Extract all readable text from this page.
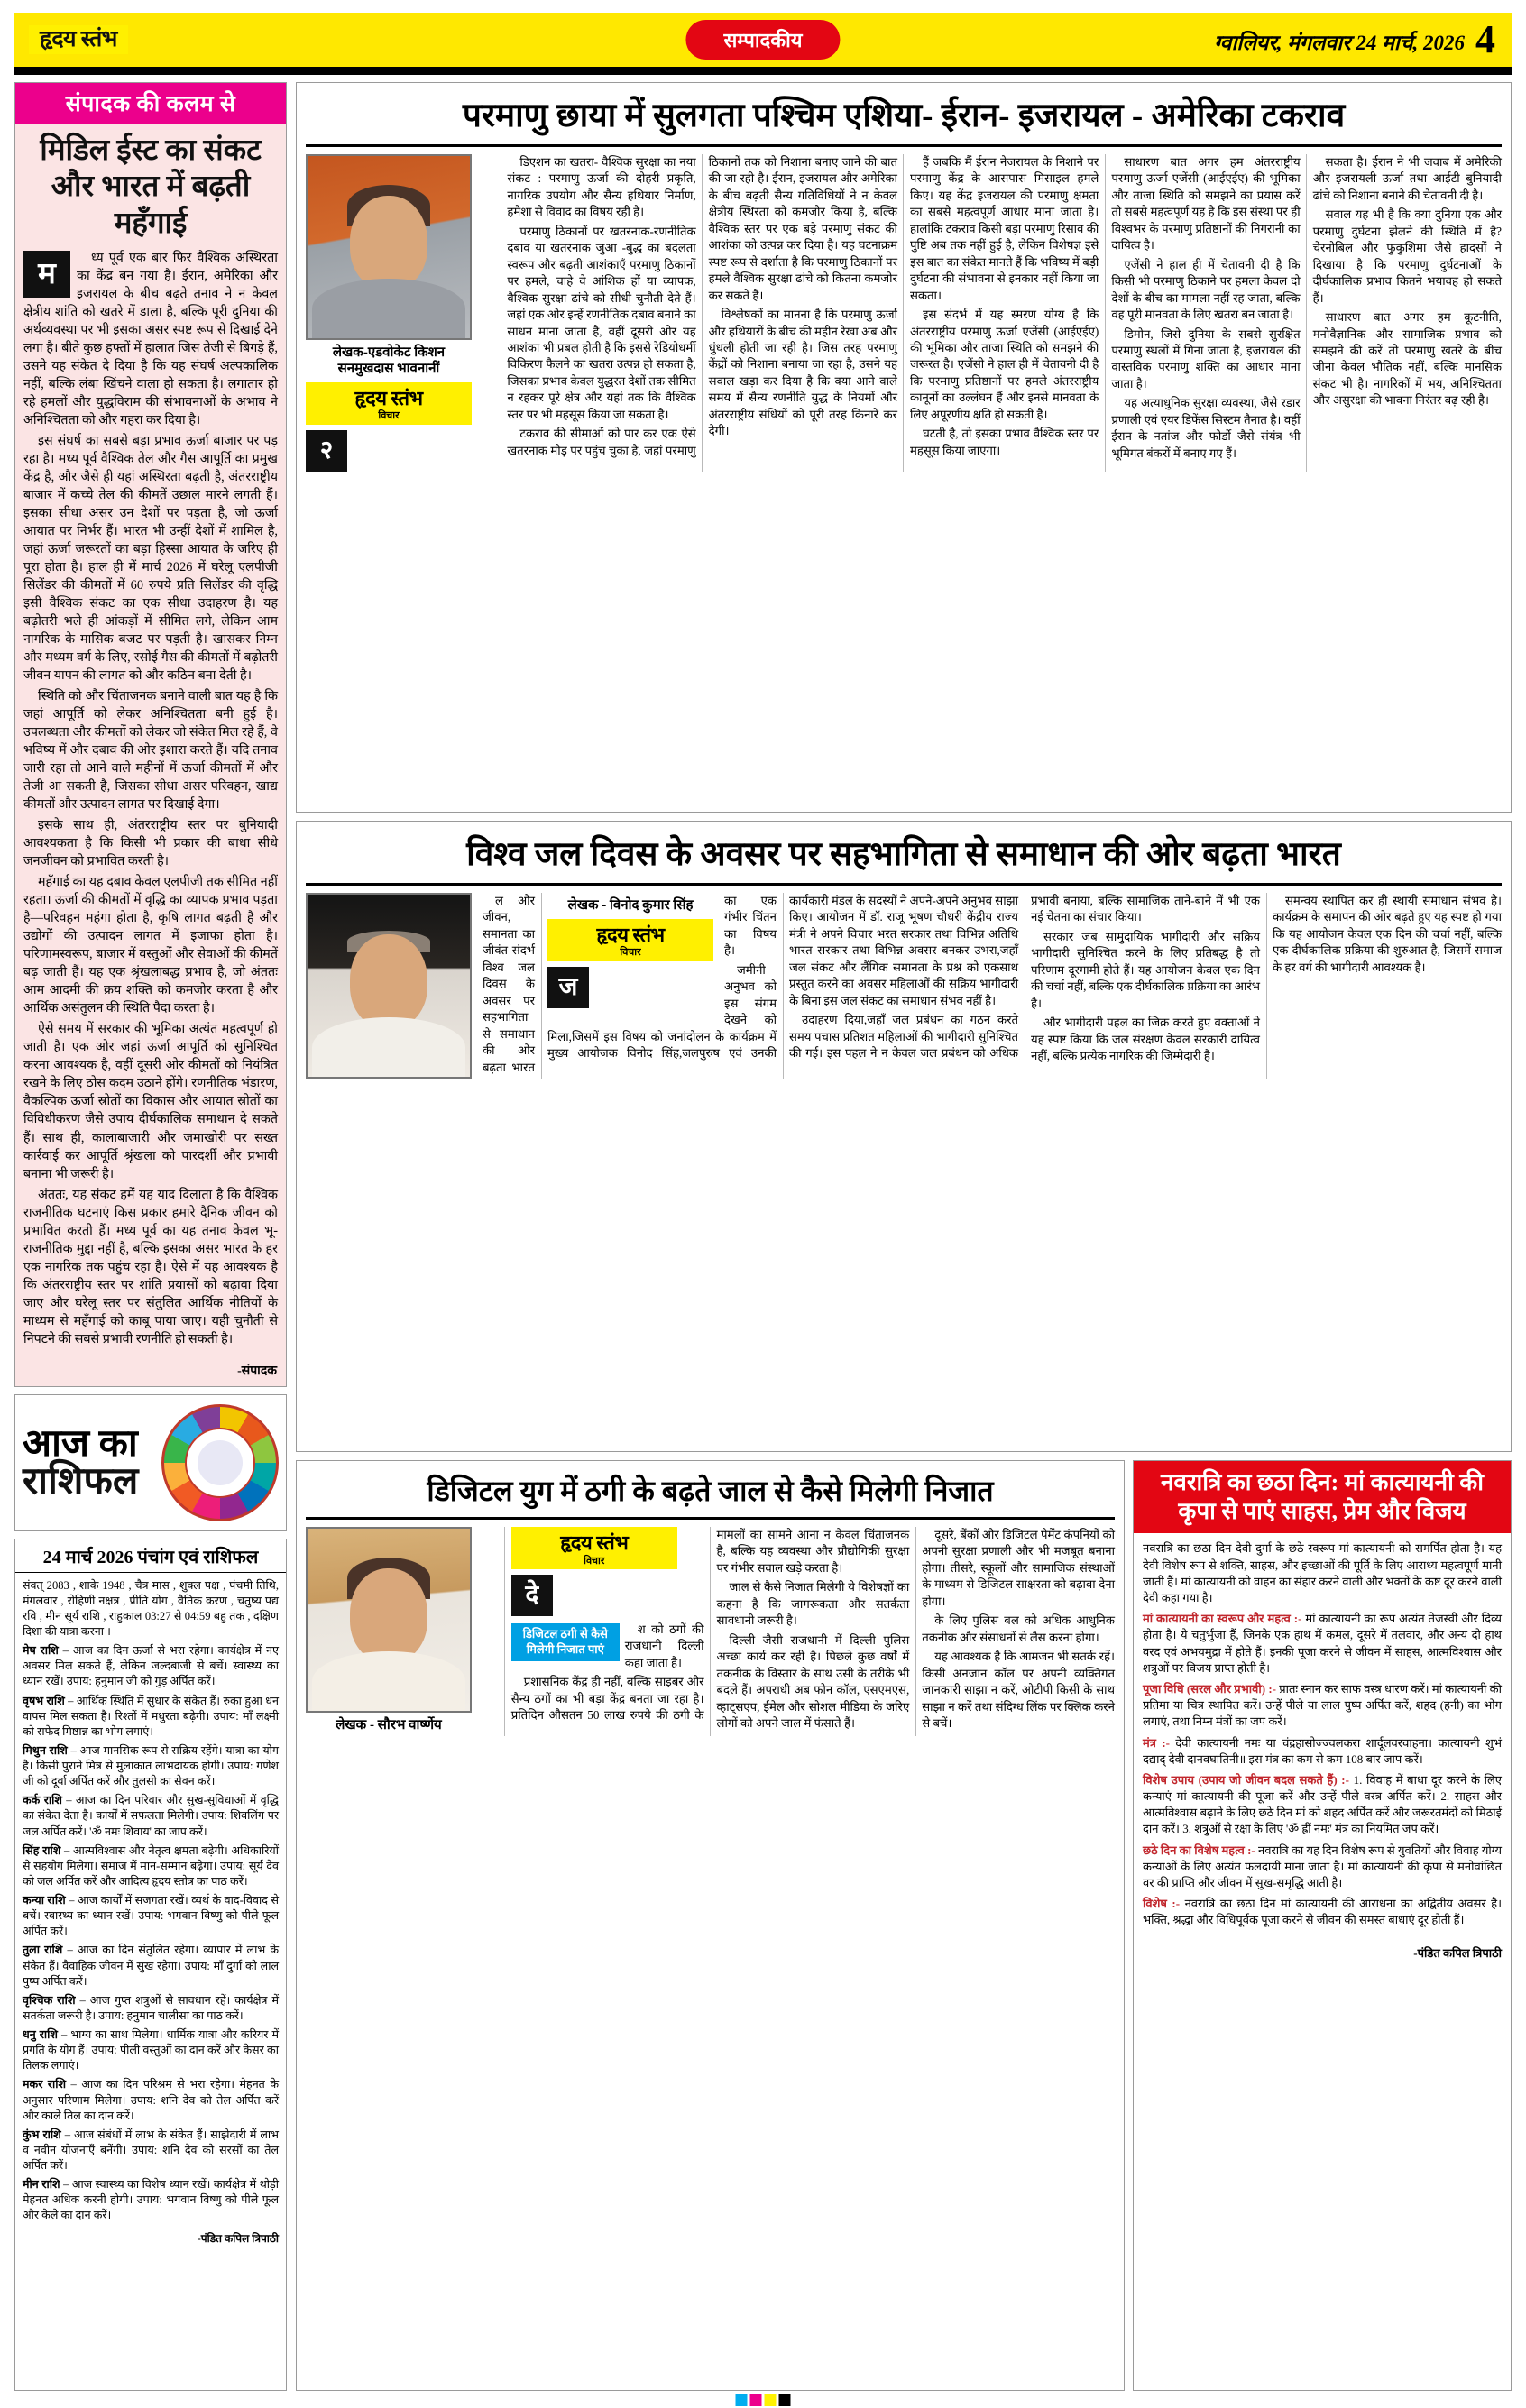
हृदय स्तंभ	सम्पादकीय	ग्वालियर, मंगलवार 24 मार्च, 2026 4
संपादक की कलम से
मिडिल ईस्ट का संकट और भारत में बढ़ती महँगाई
म	ध्य पूर्व एक बार फिर वैश्विक अस्थिरता का केंद्र बन गया है। ईरान, अमेरिका और इजरायल के बीच बढ़ते तनाव ने न केवल क्षेत्रीय शांति को खतरे में डाला है, बल्कि पूरी दुनिया की अर्थव्यवस्था पर भी इसका असर स्पष्ट रूप से दिखाई देने लगा है। बीते कुछ हफ्तों में हालात जिस तेजी से बिगड़े हैं, उसने यह संकेत दे दिया है कि यह संघर्ष अल्पकालिक नहीं, बल्कि लंबा खिंचने वाला हो सकता है। लगातार हो रहे हमलों और युद्धविराम की संभावनाओं के अभाव ने अनिश्चितता को और गहरा कर दिया है।

इस संघर्ष का सबसे बड़ा प्रभाव ऊर्जा बाजार पर पड़ रहा है। मध्य पूर्व वैश्विक तेल और गैस आपूर्ति का प्रमुख केंद्र है, और जैसे ही यहां अस्थिरता बढ़ती है, अंतरराष्ट्रीय बाजार में कच्चे तेल की कीमतें उछाल मारने लगती हैं। इसका सीधा असर उन देशों पर पड़ता है, जो ऊर्जा आयात पर निर्भर हैं। भारत भी उन्हीं देशों में शामिल है, जहां ऊर्जा जरूरतों का बड़ा हिस्सा आयात के जरिए ही पूरा होता है। हाल ही में मार्च 2026 में घरेलू एलपीजी सिलेंडर की कीमतों में 60 रुपये प्रति सिलेंडर की वृद्धि इसी वैश्विक संकट का एक सीधा उदाहरण है। यह बढ़ोतरी भले ही आंकड़ों में सीमित लगे, लेकिन आम नागरिक के मासिक बजट पर पड़ती है। खासकर निम्न और मध्यम वर्ग के लिए, रसोई गैस की कीमतों में बढ़ोतरी जीवन यापन की लागत को और कठिन बना देती है।

स्थिति को और चिंताजनक बनाने वाली बात यह है कि जहां आपूर्ति को लेकर अनिश्चितता बनी हुई है। उपलब्धता और कीमतों को लेकर जो संकेत मिल रहे हैं, वे भविष्य में और दबाव की ओर इशारा करते हैं। यदि तनाव जारी रहा तो आने वाले महीनों में ऊर्जा कीमतों में और तेजी आ सकती है, जिसका सीधा असर परिवहन, खाद्य कीमतों और उत्पादन लागत पर दिखाई देगा।

इसके साथ ही, अंतरराष्ट्रीय स्तर पर बुनियादी आवश्यकता है कि किसी भी प्रकार की बाधा सीधे जनजीवन को प्रभावित करती है।

महँगाई का यह दबाव केवल एलपीजी तक सीमित नहीं रहता। ऊर्जा की कीमतों में वृद्धि का व्यापक प्रभाव पड़ता है—परिवहन महंगा होता है, कृषि लागत बढ़ती है और उद्योगों की उत्पादन लागत में इजाफा होता है। परिणामस्वरूप, बाजार में वस्तुओं और सेवाओं की कीमतें बढ़ जाती हैं। यह एक श्रृंखलाबद्ध प्रभाव है, जो अंततः आम आदमी की क्रय शक्ति को कमजोर करता है और आर्थिक असंतुलन की स्थिति पैदा करता है।

ऐसे समय में सरकार की भूमिका अत्यंत महत्वपूर्ण हो जाती है। एक ओर जहां ऊर्जा आपूर्ति को सुनिश्चित करना आवश्यक है, वहीं दूसरी ओर कीमतों को नियंत्रित रखने के लिए ठोस कदम उठाने होंगे। रणनीतिक भंडारण, वैकल्पिक ऊर्जा स्रोतों का विकास और आयात स्रोतों का विविधीकरण जैसे उपाय दीर्घकालिक समाधान दे सकते हैं। साथ ही, कालाबाजारी और जमाखोरी पर सख्त कार्रवाई कर आपूर्ति श्रृंखला को पारदर्शी और प्रभावी बनाना भी जरूरी है।

अंततः, यह संकट हमें यह याद दिलाता है कि वैश्विक राजनीतिक घटनाएं किस प्रकार हमारे दैनिक जीवन को प्रभावित करती हैं। मध्य पूर्व का यह तनाव केवल भू-राजनीतिक मुद्दा नहीं है, बल्कि इसका असर भारत के हर एक नागरिक तक पहुंच रहा है। ऐसे में यह आवश्यक है कि अंतरराष्ट्रीय स्तर पर शांति प्रयासों को बढ़ावा दिया जाए और घरेलू स्तर पर संतुलित आर्थिक नीतियों के माध्यम से महँगाई को काबू पाया जाए। यही चुनौती से निपटने की सबसे प्रभावी रणनीति हो सकती है।

-संपादक
आज का
राशिफल
24 मार्च 2026 पंचांग एवं राशिफल

संवत् 2083 , शाके 1948 , चैत्र मास , शुक्ल पक्ष , पंचमी तिथि, मंगलवार , रोहिणी नक्षत्र , प्रीति योग , वैतिक करण , चतुष्य पद्य रवि , मीन सूर्य राशि , राहुकाल 03:27 से 04:59 बहु तक , दक्षिण दिशा की यात्रा करना ।

मेष राशि – आज का दिन ऊर्जा से भरा रहेगा। कार्यक्षेत्र में नए अवसर मिल सकते हैं, लेकिन जल्दबाजी से बचें। स्वास्थ्य का ध्यान रखें। उपाय: हनुमान जी को गुड़ अर्पित करें।

वृषभ राशि – आर्थिक स्थिति में सुधार के संकेत हैं। रुका हुआ धन वापस मिल सकता है। रिश्तों में मधुरता बढ़ेगी। उपाय: माँ लक्ष्मी को सफेद मिष्ठान्न का भोग लगाएं।

मिथुन राशि – आज मानसिक रूप से सक्रिय रहेंगे। यात्रा का योग है। किसी पुराने मित्र से मुलाकात लाभदायक होगी। उपाय: गणेश जी को दूर्वा अर्पित करें और तुलसी का सेवन करें।

कर्क राशि – आज का दिन परिवार और सुख-सुविधाओं में वृद्धि का संकेत देता है। कार्यों में सफलता मिलेगी। उपाय: शिवलिंग पर जल अर्पित करें। 'ॐ नमः शिवाय' का जाप करें।

सिंह राशि – आत्मविश्वास और नेतृत्व क्षमता बढ़ेगी। अधिकारियों से सहयोग मिलेगा। समाज में मान-सम्मान बढ़ेगा। उपाय: सूर्य देव को जल अर्पित करें और आदित्य हृदय स्तोत्र का पाठ करें।

कन्या राशि – आज कार्यों में सजगता रखें। व्यर्थ के वाद-विवाद से बचें। स्वास्थ्य का ध्यान रखें। उपाय: भगवान विष्णु को पीले फूल अर्पित करें।

तुला राशि – आज का दिन संतुलित रहेगा। व्यापार में लाभ के संकेत हैं। वैवाहिक जीवन में सुख रहेगा। उपाय: माँ दुर्गा को लाल पुष्प अर्पित करें।

वृश्चिक राशि – आज गुप्त शत्रुओं से सावधान रहें। कार्यक्षेत्र में सतर्कता जरूरी है। उपाय: हनुमान चालीसा का पाठ करें।

धनु राशि – भाग्य का साथ मिलेगा। धार्मिक यात्रा और करियर में प्रगति के योग हैं। उपाय: पीली वस्तुओं का दान करें और केसर का तिलक लगाएं।

मकर राशि – आज का दिन परिश्रम से भरा रहेगा। मेहनत के अनुसार परिणाम मिलेगा। उपाय: शनि देव को तेल अर्पित करें और काले तिल का दान करें।

कुंभ राशि – आज संबंधों में लाभ के संकेत हैं। साझेदारी में लाभ व नवीन योजनाएँ बनेंगी। उपाय: शनि देव को सरसों का तेल अर्पित करें।

मीन राशि – आज स्वास्थ्य का विशेष ध्यान रखें। कार्यक्षेत्र में थोड़ी मेहनत अधिक करनी होगी। उपाय: भगवान विष्णु को पीले फूल और केले का दान करें।

-पंडित कपिल त्रिपाठी
परमाणु छाया में सुलगता पश्चिम एशिया- ईरान- इजरायल - अमेरिका टकराव
लेखक-एडवोकेट किशन सनमुखदास भावनानीं
हृदय स्तंभ
विचार
२

डिएशन का खतरा- वैश्विक सुरक्षा का नया संकट : परमाणु ऊर्जा की दोहरी प्रकृति, नागरिक उपयोग और सैन्य हथियार निर्माण, हमेशा से विवाद का विषय रही है।

परमाणु ठिकानों पर खतरनाक-रणनीतिक दबाव या खतरनाक जुआ -बुद्ध का बदलता स्वरूप और बढ़ती आशंकाएँ परमाणु ठिकानों पर हमले, चाहे वे आंशिक हों या व्यापक, वैश्विक सुरक्षा ढांचे को सीधी चुनौती देते हैं। जहां एक ओर इन्हें रणनीतिक दबाव बनाने का साधन माना जाता है, वहीं दूसरी ओर यह आशंका भी प्रबल होती है कि इससे रेडियोधर्मी विकिरण फैलने का खतरा उत्पन्न हो सकता है, जिसका प्रभाव केवल युद्धरत देशों तक सीमित न रहकर पूरे क्षेत्र और यहां तक कि वैश्विक स्तर पर भी महसूस किया जा सकता है।

टकराव की सीमाओं को पार कर एक ऐसे खतरनाक मोड़ पर पहुंच चुका है, जहां परमाणु ठिकानों तक को निशाना बनाए जाने की बात की जा रही है। ईरान, इजरायल और अमेरिका के बीच बढ़ती सैन्य गतिविधियों ने न केवल क्षेत्रीय स्थिरता को कमजोर किया है, बल्कि वैश्विक स्तर पर एक बड़े परमाणु संकट की आशंका को उत्पन्न कर दिया है। यह घटनाक्रम स्पष्ट रूप से दर्शाता है कि परमाणु ठिकानों पर हमले वैश्विक सुरक्षा ढांचे को कितना कमजोर कर सकते हैं।

विश्लेषकों का मानना है कि परमाणु ऊर्जा और हथियारों के बीच की महीन रेखा अब और धुंधली होती जा रही है। जिस तरह परमाणु केंद्रों को निशाना बनाया जा रहा है, उसने यह सवाल खड़ा कर दिया है कि क्या आने वाले समय में सैन्य रणनीति युद्ध के नियमों और अंतरराष्ट्रीय संधियों को पूरी तरह किनारे कर देगी।

हैं जबकि मैं ईरान नेजरायल के निशाने पर परमाणु केंद्र के आसपास मिसाइल हमले किए। यह केंद्र इजरायल की परमाणु क्षमता का सबसे महत्वपूर्ण आधार माना जाता है। हालांकि टकराव किसी बड़ा परमाणु रिसाव की पुष्टि अब तक नहीं हुई है, लेकिन विशेषज्ञ इसे इस बात का संकेत मानते हैं कि भविष्य में बड़ी दुर्घटना की संभावना से इनकार नहीं किया जा सकता।

इस संदर्भ में यह स्मरण योग्य है कि अंतरराष्ट्रीय परमाणु ऊर्जा एजेंसी (आईएईए) की भूमिका और ताजा स्थिति को समझने की जरूरत है। एजेंसी ने हाल ही में चेतावनी दी है कि परमाणु प्रतिष्ठानों पर हमले अंतरराष्ट्रीय कानूनों का उल्लंघन हैं और इनसे मानवता के लिए अपूरणीय क्षति हो सकती है।

घटती है, तो इसका प्रभाव वैश्विक स्तर पर महसूस किया जाएगा।

साधारण बात अगर हम अंतरराष्ट्रीय परमाणु ऊर्जा एजेंसी (आईएईए) की भूमिका और ताजा स्थिति को समझने का प्रयास करें तो सबसे महत्वपूर्ण यह है कि इस संस्था पर ही विश्वभर के परमाणु प्रतिष्ठानों की निगरानी का दायित्व है।

एजेंसी ने हाल ही में चेतावनी दी है कि किसी भी परमाणु ठिकाने पर हमला केवल दो देशों के बीच का मामला नहीं रह जाता, बल्कि वह पूरी मानवता के लिए खतरा बन जाता है।

डिमोन, जिसे दुनिया के सबसे सुरक्षित परमाणु स्थलों में गिना जाता है, इजरायल की वास्तविक परमाणु शक्ति का आधार माना जाता है।

यह अत्याधुनिक सुरक्षा व्यवस्था, जैसे रडार प्रणाली एवं एयर डिफेंस सिस्टम तैनात है। वहीं ईरान के नतांज और फोर्डो जैसे संयंत्र भी भूमिगत बंकरों में बनाए गए हैं।

सकता है। ईरान ने भी जवाब में अमेरिकी और इजरायली ऊर्जा तथा आईटी बुनियादी ढांचे को निशाना बनाने की चेतावनी दी है।

सवाल यह भी है कि क्या दुनिया एक और परमाणु दुर्घटना झेलने की स्थिति में है? चेरनोबिल और फुकुशिमा जैसे हादसों ने दिखाया है कि परमाणु दुर्घटनाओं के दीर्घकालिक प्रभाव कितने भयावह हो सकते हैं।

साधारण बात अगर हम कूटनीति, मनोवैज्ञानिक और सामाजिक प्रभाव को समझने की करें तो परमाणु खतरे के बीच जीना केवल भौतिक नहीं, बल्कि मानसिक संकट भी है। नागरिकों में भय, अनिश्चितता और असुरक्षा की भावना निरंतर बढ़ रही है।

विश्व जल दिवस के अवसर पर सहभागिता से समाधान की ओर बढ़ता भारत
लेखक - विनोद कुमार सिंह
हृदय स्तंभ
विचार
ज

ल और जीवन, समानता का जीवंत संदर्भ विश्व जल दिवस के अवसर पर सहभागिता से समाधान की ओर बढ़ता भारत का एक गंभीर चिंतन का विषय है।

जमीनी अनुभव को इस संगम देखने को मिला,जिसमें इस विषय को जनांदोलन के कार्यक्रम में मुख्य आयोजक विनोद सिंह,जलपुरुष एवं उनकी कार्यकारी मंडल के सदस्यों ने अपने-अपने अनुभव साझा किए। आयोजन में डॉ. राजू भूषण चौधरी केंद्रीय राज्य मंत्री ने अपने विचार भरत सरकार तथा विभिन्न अतिथि भारत सरकार तथा विभिन्न अवसर बनकर उभरा,जहाँ जल संकट और लैंगिक समानता के प्रश्न को एकसाथ प्रस्तुत करने का अवसर महिलाओं की सक्रिय भागीदारी के बिना इस जल संकट का समाधान संभव नहीं है।

उदाहरण दिया,जहाँ जल प्रबंधन का गठन करते समय पचास प्रतिशत महिलाओं की भागीदारी सुनिश्चित की गई। इस पहल ने न केवल जल प्रबंधन को अधिक प्रभावी बनाया, बल्कि सामाजिक ताने-बाने में भी एक नई चेतना का संचार किया।

सरकार जब सामुदायिक भागीदारी और सक्रिय भागीदारी सुनिश्चित करने के लिए प्रतिबद्ध है तो परिणाम दूरगामी होते हैं। यह आयोजन केवल एक दिन की चर्चा नहीं, बल्कि एक दीर्घकालिक प्रक्रिया का आरंभ है।

और भागीदारी पहल का जिक्र करते हुए वक्ताओं ने यह स्पष्ट किया कि जल संरक्षण केवल सरकारी दायित्व नहीं, बल्कि प्रत्येक नागरिक की जिम्मेदारी है।

समन्वय स्थापित कर ही स्थायी समाधान संभव है।कार्यक्रम के समापन की ओर बढ़ते हुए यह स्पष्ट हो गया कि यह आयोजन केवल एक दिन की चर्चा नहीं, बल्कि एक दीर्घकालिक प्रक्रिया की शुरुआत है, जिसमें समाज के हर वर्ग की भागीदारी आवश्यक है।

डिजिटल युग में ठगी के बढ़ते जाल से कैसे मिलेगी निजात
लेखक - सौरभ वार्ष्णेय
हृदय स्तंभ
विचार
दे
डिजिटल ठगी से कैसे मिलेगी निजात पाएं

श को ठगों की राजधानी दिल्ली कहा जाता है।

प्रशासनिक केंद्र ही नहीं, बल्कि साइबर और सैन्य ठगों का भी बड़ा केंद्र बनता जा रहा है। प्रतिदिन औसतन 50 लाख रुपये की ठगी के मामलों का सामने आना न केवल चिंताजनक है, बल्कि यह व्यवस्था और प्रौद्योगिकी सुरक्षा पर गंभीर सवाल खड़े करता है।

जाल से कैसे निजात मिलेगी ये विशेषज्ञों का कहना है कि जागरूकता और सतर्कता सावधानी जरूरी है।

दिल्ली जैसी राजधानी में दिल्ली पुलिस अच्छा कार्य कर रही है। पिछले कुछ वर्षों में तकनीक के विस्तार के साथ उसी के तरीके भी बदले हैं। अपराधी अब फोन कॉल, एसएमएस, व्हाट्सएप, ईमेल और सोशल मीडिया के जरिए लोगों को अपने जाल में फंसाते हैं।

दूसरे, बैंकों और डिजिटल पेमेंट कंपनियों को अपनी सुरक्षा प्रणाली और भी मजबूत बनाना होगा। तीसरे, स्कूलों और सामाजिक संस्थाओं के माध्यम से डिजिटल साक्षरता को बढ़ावा देना होगा।

के लिए पुलिस बल को अधिक आधुनिक तकनीक और संसाधनों से लैस करना होगा।

यह आवश्यक है कि आमजन भी सतर्क रहें। किसी अनजान कॉल पर अपनी व्यक्तिगत जानकारी साझा न करें, ओटीपी किसी के साथ साझा न करें तथा संदिग्ध लिंक पर क्लिक करने से बचें।

नवरात्रि का छठा दिन: मां कात्यायनी की कृपा से पाएं साहस, प्रेम और विजय

नवरात्रि का छठा दिन देवी दुर्गा के छठे स्वरूप मां कात्यायनी को समर्पित होता है। यह देवी विशेष रूप से शक्ति, साहस, और इच्छाओं की पूर्ति के लिए आराध्य महत्वपूर्ण मानी जाती हैं। मां कात्यायनी को वाहन का संहार करने वाली और भक्तों के कष्ट दूर करने वाली देवी कहा गया है।

मां कात्यायनी का स्वरूप और महत्व :- मां कात्यायनी का रूप अत्यंत तेजस्वी और दिव्य होता है। ये चतुर्भुजा हैं, जिनके एक हाथ में कमल, दूसरे में तलवार, और अन्य दो हाथ वरद एवं अभयमुद्रा में होते हैं। इनकी पूजा करने से जीवन में साहस, आत्मविश्वास और शत्रुओं पर विजय प्राप्त होती है।

पूजा विधि (सरल और प्रभावी) :- प्रातः स्नान कर साफ वस्त्र धारण करें। मां कात्यायनी की प्रतिमा या चित्र स्थापित करें। उन्हें पीले या लाल पुष्प अर्पित करें, शहद (हनी) का भोग लगाएं, तथा निम्न मंत्रों का जप करें।

मंत्र :- देवी कात्यायनी नमः या चंद्रहासोज्ज्वलकरा शार्दूलवरवाहना। कात्यायनी शुभं दद्याद् देवी दानवघातिनी॥ इस मंत्र का कम से कम 108 बार जाप करें।

विशेष उपाय (उपाय जो जीवन बदल सकते हैं) :- 1. विवाह में बाधा दूर करने के लिए कन्याएं मां कात्यायनी की पूजा करें और उन्हें पीले वस्त्र अर्पित करें। 2. साहस और आत्मविश्वास बढ़ाने के लिए छठे दिन मां को शहद अर्पित करें और जरूरतमंदों को मिठाई दान करें। 3. शत्रुओं से रक्षा के लिए 'ॐ ह्रीं नमः' मंत्र का नियमित जप करें।

छठे दिन का विशेष महत्व :- नवरात्रि का यह दिन विशेष रूप से युवतियों और विवाह योग्य कन्याओं के लिए अत्यंत फलदायी माना जाता है। मां कात्यायनी की कृपा से मनोवांछित वर की प्राप्ति और जीवन में सुख-समृद्धि आती है।

विशेष :- नवरात्रि का छठा दिन मां कात्यायनी की आराधना का अद्वितीय अवसर है। भक्ति, श्रद्धा और विधिपूर्वक पूजा करने से जीवन की समस्त बाधाएं दूर होती हैं।

-पंडित कपिल त्रिपाठी
